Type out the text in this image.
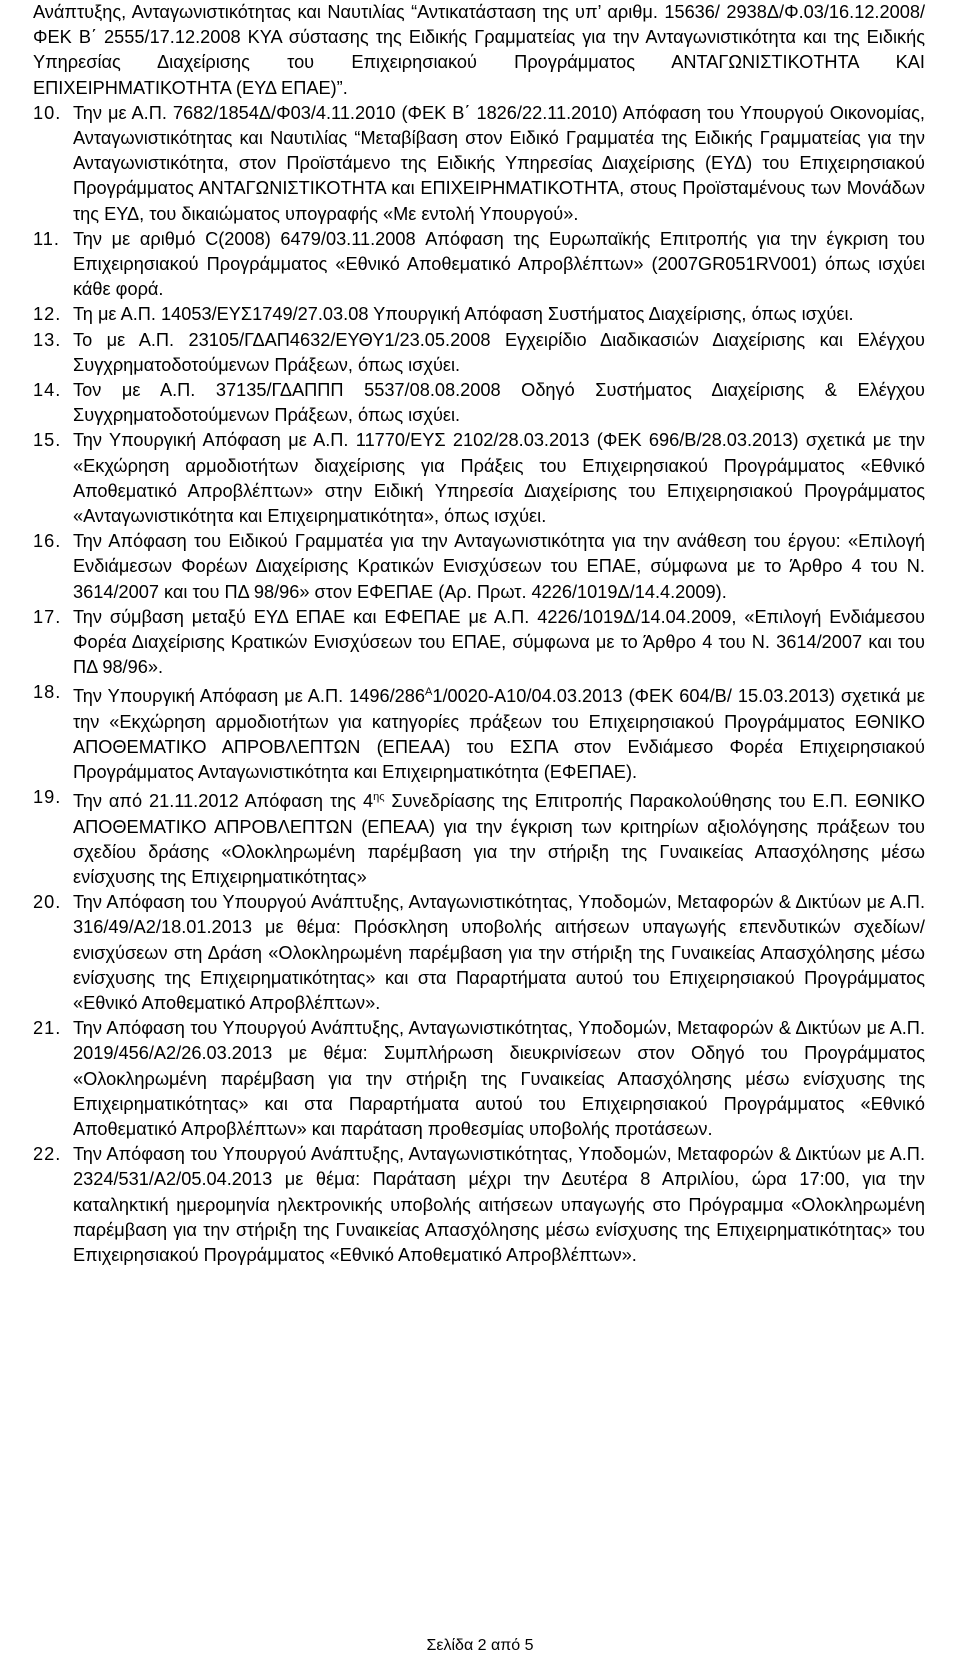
Ανάπτυξης, Ανταγωνιστικότητας και Ναυτιλίας “Αντικατάσταση της υπ’ αριθμ. 15636/ 2938Δ/Φ.03/16.12.2008/ΦΕΚ Β΄ 2555/17.12.2008 ΚΥΑ σύστασης της Ειδικής Γραμματείας για την Ανταγωνιστικότητα και της Ειδικής Υπηρεσίας Διαχείρισης του Επιχειρησιακού Προγράμματος ΑΝΤΑΓΩΝΙΣΤΙΚΟΤΗΤΑ ΚΑΙ ΕΠΙΧΕΙΡΗΜΑΤΙΚΟΤΗΤΑ (ΕΥΔ ΕΠΑΕ)”.

10. Την με Α.Π. 7682/1854Δ/Φ03/4.11.2010 (ΦΕΚ Β΄ 1826/22.11.2010) Απόφαση του Υπουργού Οικονομίας, Ανταγωνιστικότητας και Ναυτιλίας “Μεταβίβαση στον Ειδικό Γραμματέα της Ειδικής Γραμματείας για την Ανταγωνιστικότητα, στον Προϊστάμενο της Ειδικής Υπηρεσίας Διαχείρισης (ΕΥΔ) του Επιχειρησιακού Προγράμματος ΑΝΤΑΓΩΝΙΣΤΙΚΟΤΗΤΑ και ΕΠΙΧΕΙΡΗΜΑΤΙΚΟΤΗΤΑ, στους Προϊσταμένους των Μονάδων της ΕΥΔ, του δικαιώματος υπογραφής «Με εντολή Υπουργού».

11. Την με αριθμό C(2008) 6479/03.11.2008 Απόφαση της Ευρωπαϊκής Επιτροπής για την έγκριση του Επιχειρησιακού Προγράμματος «Εθνικό Αποθεματικό Απροβλέπτων» (2007GR051RV001) όπως ισχύει κάθε φορά.

12. Τη με Α.Π. 14053/ΕΥΣ1749/27.03.08 Υπουργική Απόφαση Συστήματος Διαχείρισης, όπως ισχύει.

13. Το με Α.Π. 23105/ΓΔΑΠ4632/ΕΥΘΥ1/23.05.2008 Εγχειρίδιο Διαδικασιών Διαχείρισης και Ελέγχου Συγχρηματοδοτούμενων Πράξεων, όπως ισχύει.

14. Τον με Α.Π. 37135/ΓΔΑΠΠΠ 5537/08.08.2008 Οδηγό Συστήματος Διαχείρισης & Ελέγχου Συγχρηματοδοτούμενων Πράξεων, όπως ισχύει.

15. Την Υπουργική Απόφαση με Α.Π. 11770/ΕΥΣ 2102/28.03.2013 (ΦΕΚ 696/Β/28.03.2013) σχετικά με την «Εκχώρηση αρμοδιοτήτων διαχείρισης για Πράξεις του Επιχειρησιακού Προγράμματος «Εθνικό Αποθεματικό Απροβλέπτων» στην Ειδική Υπηρεσία Διαχείρισης του Επιχειρησιακού Προγράμματος «Ανταγωνιστικότητα και Επιχειρηματικότητα», όπως ισχύει.

16. Την Απόφαση του Ειδικού Γραμματέα για την Ανταγωνιστικότητα για την ανάθεση του έργου: «Επιλογή Ενδιάμεσων Φορέων Διαχείρισης Κρατικών Ενισχύσεων του ΕΠΑΕ, σύμφωνα με το Άρθρο 4 του Ν. 3614/2007 και του ΠΔ 98/96» στον ΕΦΕΠΑΕ (Αρ. Πρωτ. 4226/1019Δ/14.4.2009).

17. Την σύμβαση μεταξύ ΕΥΔ ΕΠΑΕ και ΕΦΕΠΑΕ με Α.Π. 4226/1019Δ/14.04.2009, «Επιλογή Ενδιάμεσου Φορέα Διαχείρισης Κρατικών Ενισχύσεων του ΕΠΑΕ, σύμφωνα με το Άρθρο 4 του Ν. 3614/2007 και του ΠΔ 98/96».

18. Την Υπουργική Απόφαση με Α.Π. $1496/286^A1/0020-A10/04.03.2013$ (ΦΕΚ 604/Β/ 15.03.2013) σχετικά με την «Εκχώρηση αρμοδιοτήτων για κατηγορίες πράξεων του Επιχειρησιακού Προγράμματος ΕΘΝΙΚΟ ΑΠΟΘΕΜΑΤΙΚΟ ΑΠΡΟΒΛΕΠΤΩΝ (ΕΠΕΑΑ) του ΕΣΠΑ στον Ενδιάμεσο Φορέα Επιχειρησιακού Προγράμματος Ανταγωνιστικότητα και Επιχειρηματικότητα (ΕΦΕΠΑΕ).

19. Την από 21.11.2012 Απόφαση της $4^{\eta\varsigma}$ Συνεδρίασης της Επιτροπής Παρακολούθησης του Ε.Π. ΕΘΝΙΚΟ ΑΠΟΘΕΜΑΤΙΚΟ ΑΠΡΟΒΛΕΠΤΩΝ (ΕΠΕΑΑ) για την έγκριση των κριτηρίων αξιολόγησης πράξεων του σχεδίου δράσης «Ολοκληρωμένη παρέμβαση για την στήριξη της Γυναικείας Απασχόλησης μέσω ενίσχυσης της Επιχειρηματικότητας»

20. Την Απόφαση του Υπουργού Ανάπτυξης, Ανταγωνιστικότητας, Υποδομών, Μεταφορών & Δικτύων με Α.Π. 316/49/Α2/18.01.2013 με θέμα: Πρόσκληση υποβολής αιτήσεων υπαγωγής επενδυτικών σχεδίων/ενισχύσεων στη Δράση «Ολοκληρωμένη παρέμβαση για την στήριξη της Γυναικείας Απασχόλησης μέσω ενίσχυσης της Επιχειρηματικότητας» και στα Παραρτήματα αυτού του Επιχειρησιακού Προγράμματος «Εθνικό Αποθεματικό Απροβλέπτων».

21. Την Απόφαση του Υπουργού Ανάπτυξης, Ανταγωνιστικότητας, Υποδομών, Μεταφορών & Δικτύων με Α.Π. 2019/456/Α2/26.03.2013 με θέμα: Συμπλήρωση διευκρινίσεων στον Οδηγό του Προγράμματος «Ολοκληρωμένη παρέμβαση για την στήριξη της Γυναικείας Απασχόλησης μέσω ενίσχυσης της Επιχειρηματικότητας» και στα Παραρτήματα αυτού του Επιχειρησιακού Προγράμματος «Εθνικό Αποθεματικό Απροβλέπτων» και παράταση προθεσμίας υποβολής προτάσεων.

22. Την Απόφαση του Υπουργού Ανάπτυξης, Ανταγωνιστικότητας, Υποδομών, Μεταφορών & Δικτύων με Α.Π. 2324/531/Α2/05.04.2013 με θέμα: Παράταση μέχρι την Δευτέρα 8 Απριλίου, ώρα 17:00, για την καταληκτική ημερομηνία ηλεκτρονικής υποβολής αιτήσεων υπαγωγής στο Πρόγραμμα «Ολοκληρωμένη παρέμβαση για την στήριξη της Γυναικείας Απασχόλησης μέσω ενίσχυσης της Επιχειρηματικότητας» του Επιχειρησιακού Προγράμματος «Εθνικό Αποθεματικό Απροβλέπτων».

Σελίδα 2 από 5
